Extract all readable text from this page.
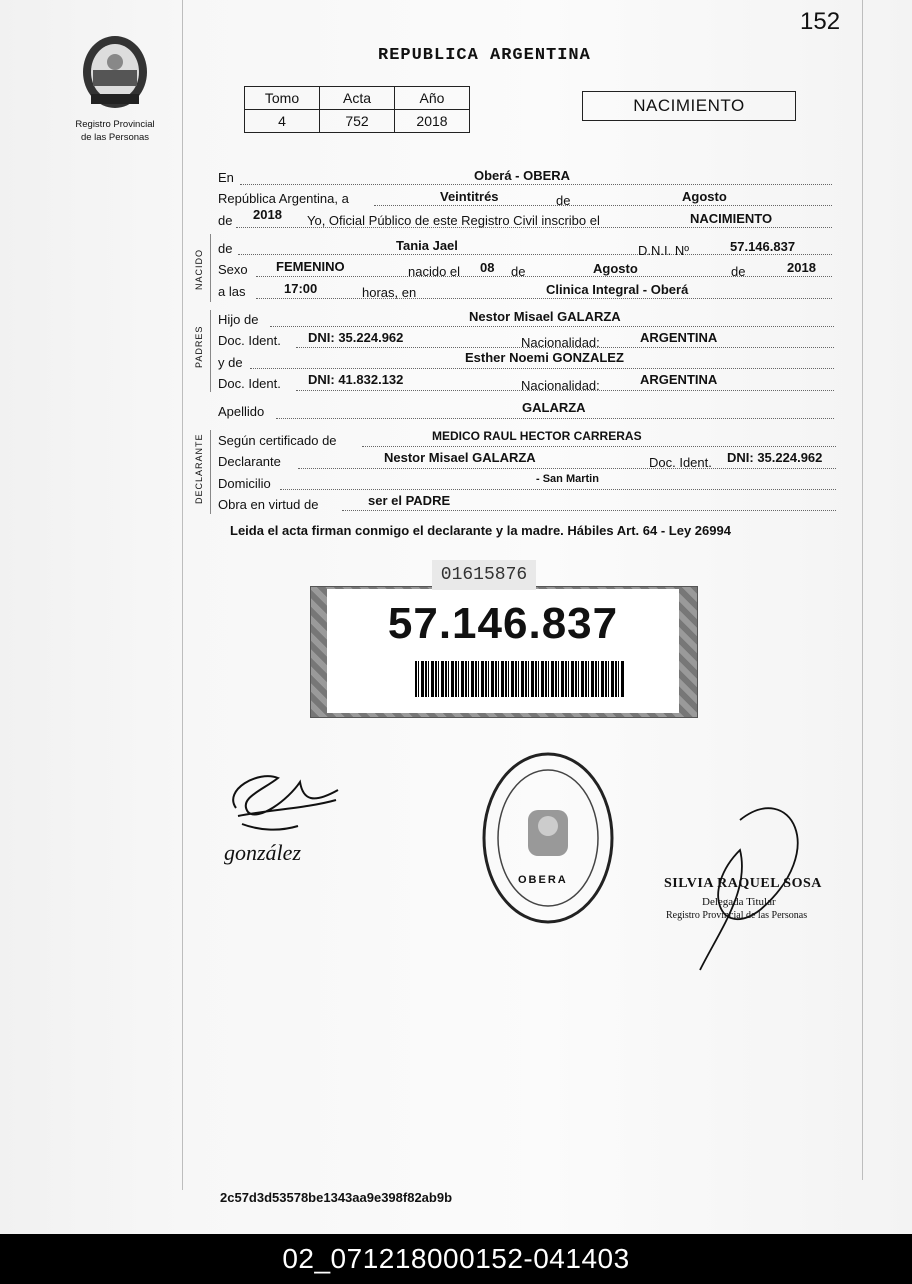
152
Registro Provincial
de las Personas
REPUBLICA ARGENTINA
Tomo	Acta	Año
4	752	2018
NACIMIENTO
En	Oberá - OBERA
República Argentina, a	Veintitrés	de	Agosto
de 2018 Yo, Oficial Público de este Registro Civil inscribo el	NACIMIENTO
NACIDO
de	Tania Jael	D.N.I. Nº	57.146.837
Sexo FEMENINO	nacido el 08 de	Agosto	de	2018
a las	17:00	horas, en	Clinica Integral - Oberá
PADRES
Hijo de	Nestor Misael GALARZA
Doc. Ident. DNI: 35.224.962	Nacionalidad:	ARGENTINA
y de	Esther Noemi GONZALEZ
Doc. Ident. DNI: 41.832.132	Nacionalidad:	ARGENTINA
Apellido	GALARZA
DECLARANTE Según certificado de	MEDICO RAUL HECTOR CARRERAS
Declarante	Nestor Misael GALARZA	Doc. Ident. DNI: 35.224.962
Domicilio	- San Martin
Obra en virtud de	ser el PADRE
Leida el acta firman conmigo el declarante y la madre. Hábiles Art. 64 - Ley 26994
57.146.837
01615876
gonzález
OBERA	SILVIA RAQUEL SOSA
Delegada Titular
Registro Provincial de las Personas
2c57d3d53578be1343aa9e398f82ab9b
02_071218000152-041403
